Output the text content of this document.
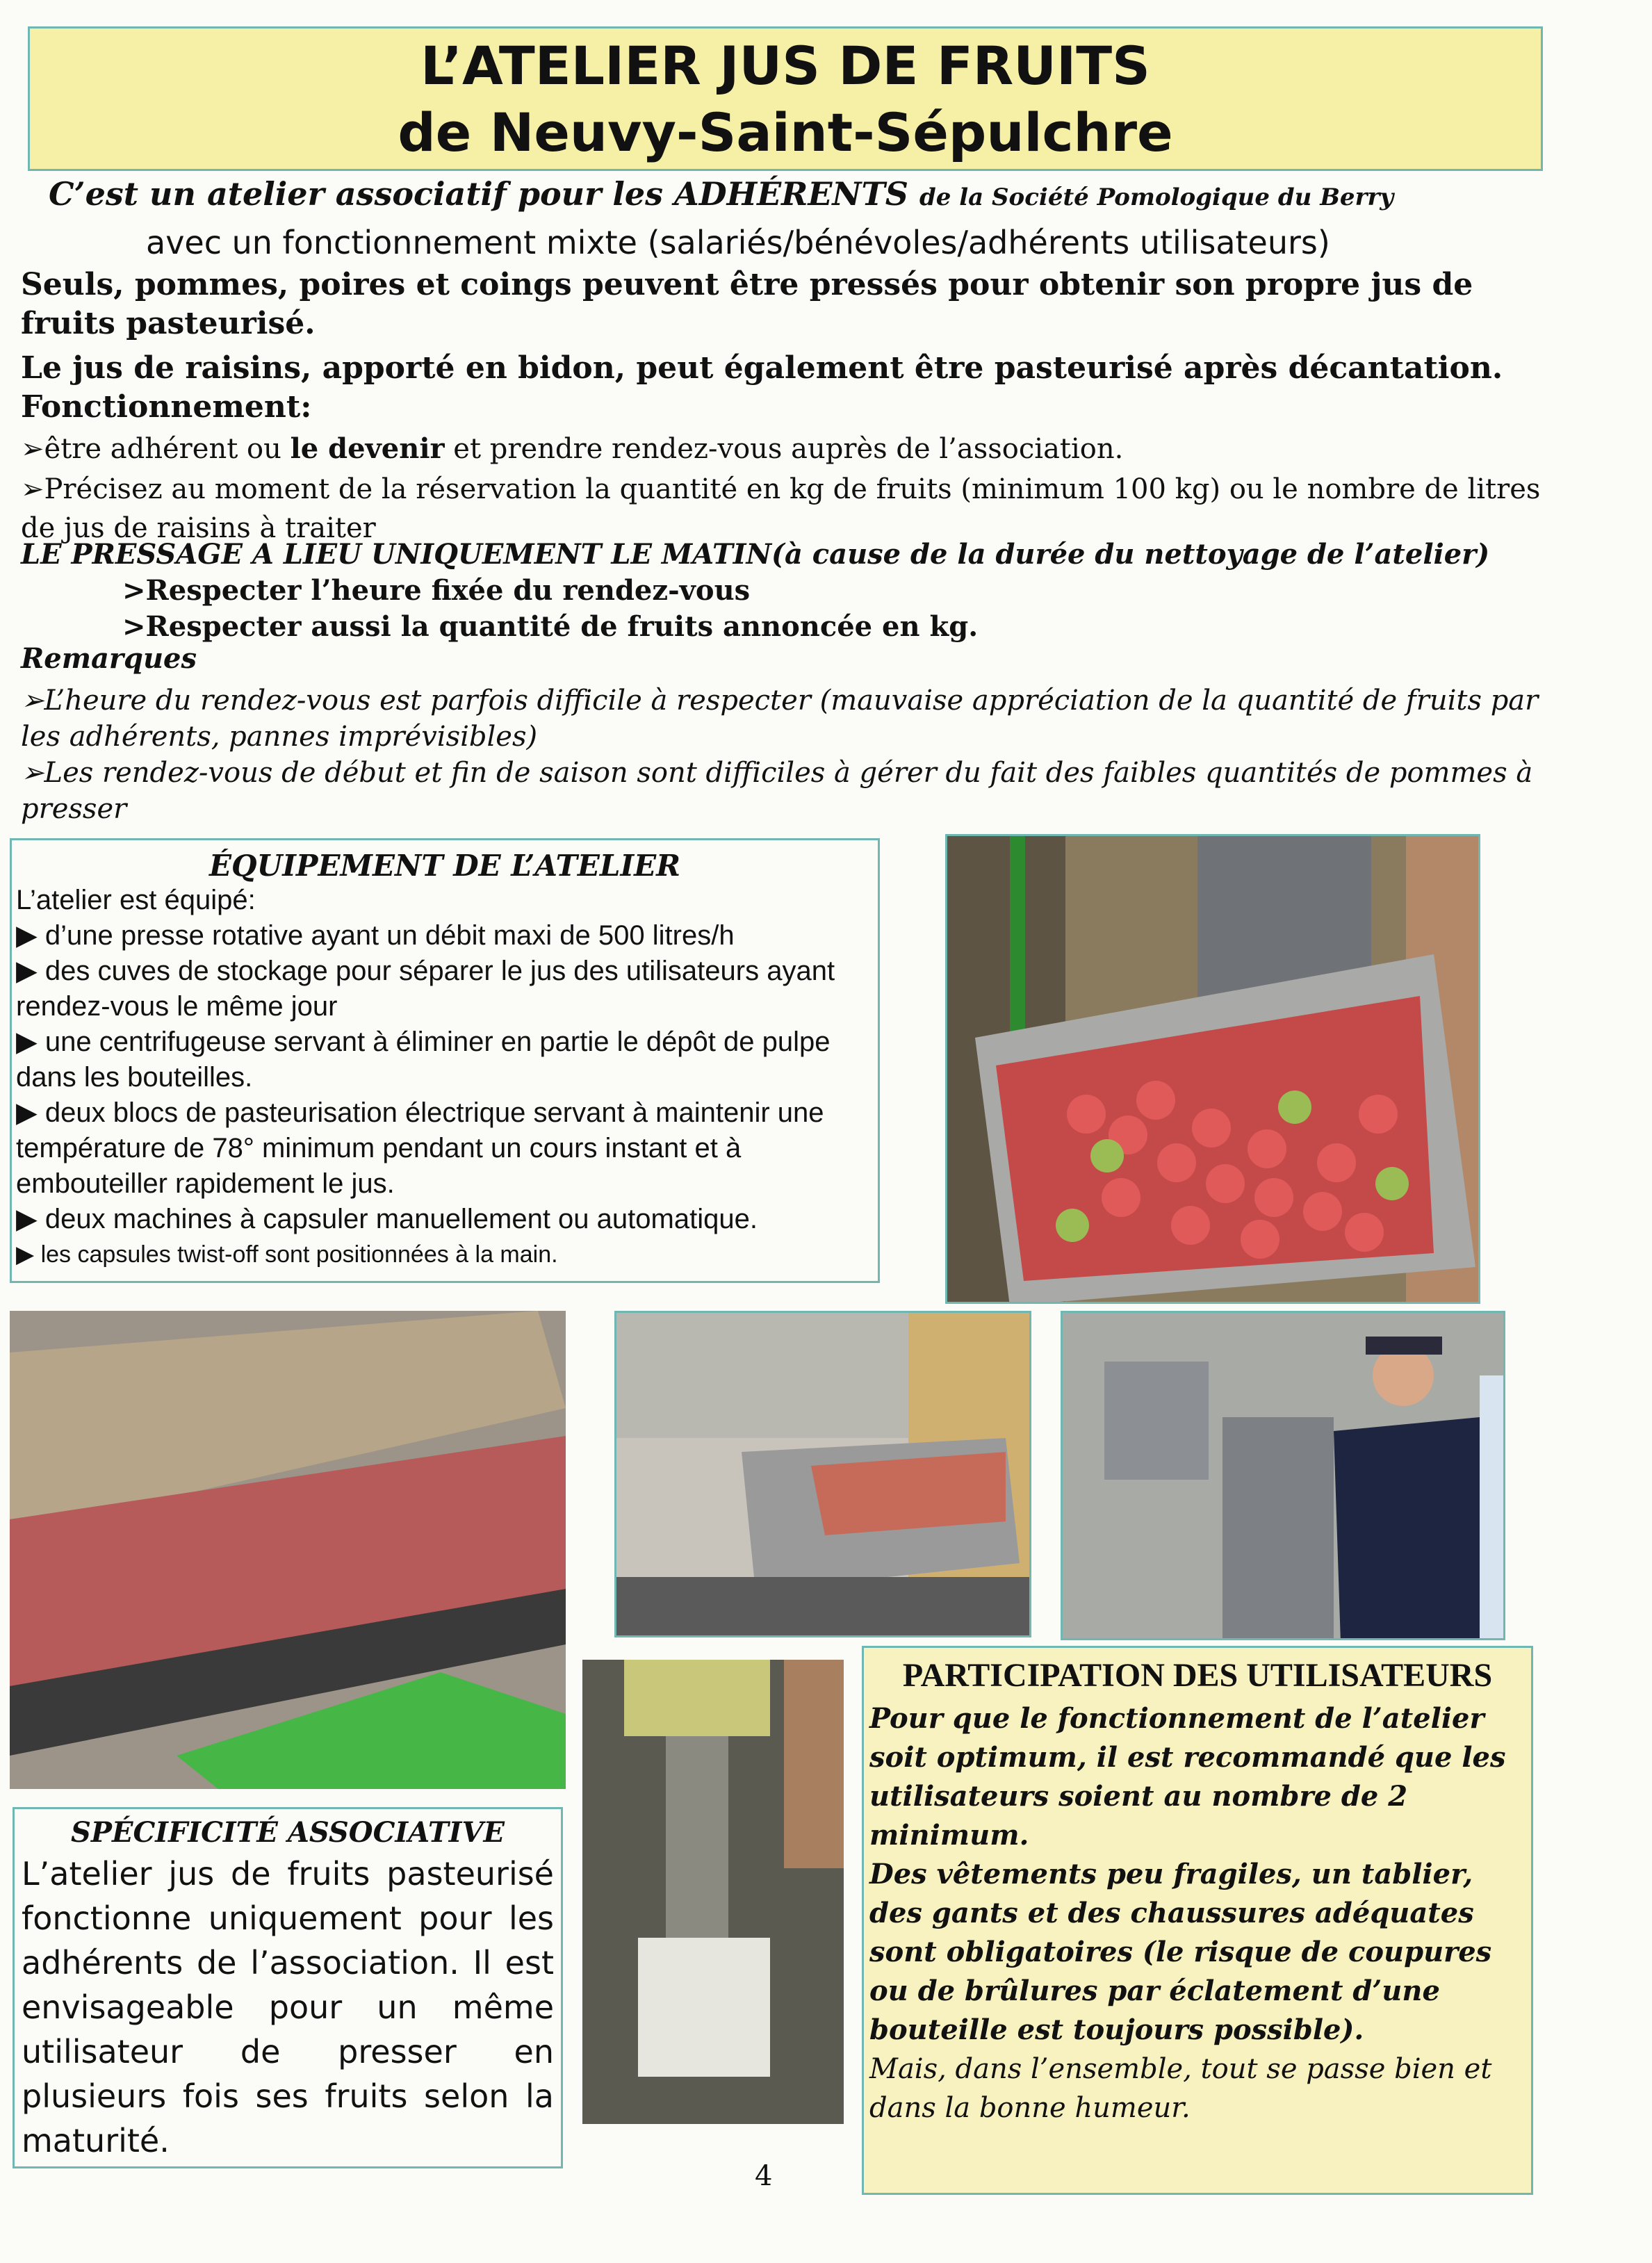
L’ATELIER JUS DE FRUITS
de Neuvy-Saint-Sépulchre
C’est un atelier associatif pour les ADHÉRENTS de la Société Pomologique du Berry
avec un fonctionnement mixte (salariés/bénévoles/adhérents utilisateurs)
Seuls, pommes, poires et coings peuvent être pressés pour obtenir son propre jus de fruits pasteurisé.
Le jus de raisins, apporté en bidon, peut également être pasteurisé après décantation.
Fonctionnement:
➢être adhérent ou le devenir et prendre rendez-vous auprès de l’association.
➢Précisez au moment de la réservation la quantité en kg de fruits (minimum 100 kg) ou le nombre de litres de jus de raisins à traiter
LE PRESSAGE A LIEU UNIQUEMENT LE MATIN(à cause de la durée du nettoyage de l’atelier)
>Respecter l’heure fixée du rendez-vous
>Respecter aussi la quantité de fruits annoncée en kg.
Remarques
➢L’heure du rendez-vous est parfois difficile à respecter (mauvaise appréciation de la quantité de fruits par les adhérents, pannes imprévisibles)
➢Les rendez-vous de début et fin de saison sont difficiles à gérer du fait des faibles quantités de pommes à presser
ÉQUIPEMENT DE L’ATELIER
L’atelier est équipé:
▶ d’une presse rotative ayant un débit maxi de 500 litres/h
▶ des cuves de stockage pour séparer le jus des utilisateurs ayant rendez-vous le même jour
▶ une centrifugeuse servant à éliminer en partie le dépôt de pulpe dans les bouteilles.
▶ deux blocs de pasteurisation électrique servant à maintenir une température de 78° minimum pendant un cours instant et à embouteiller rapidement le jus.
▶ deux machines à capsuler manuellement ou automatique.
▶ les capsules twist-off sont positionnées à la main.
SPÉCIFICITÉ ASSOCIATIVE
L’atelier jus de fruits pasteurisé fonctionne uniquement pour les adhérents de l’association. Il est envisageable pour un même utilisateur de presser en plusieurs fois ses fruits selon la maturité.
PARTICIPATION DES UTILISATEURS
Pour que le fonctionnement de l’atelier soit optimum, il est recommandé que les utilisateurs soient au nombre de 2 minimum.
Des vêtements peu fragiles, un tablier, des gants et des chaussures adéquates sont obligatoires (le risque de coupures ou de brûlures par éclatement d’une bouteille est toujours possible).
Mais, dans l’ensemble, tout se passe bien et dans la bonne humeur.
4
